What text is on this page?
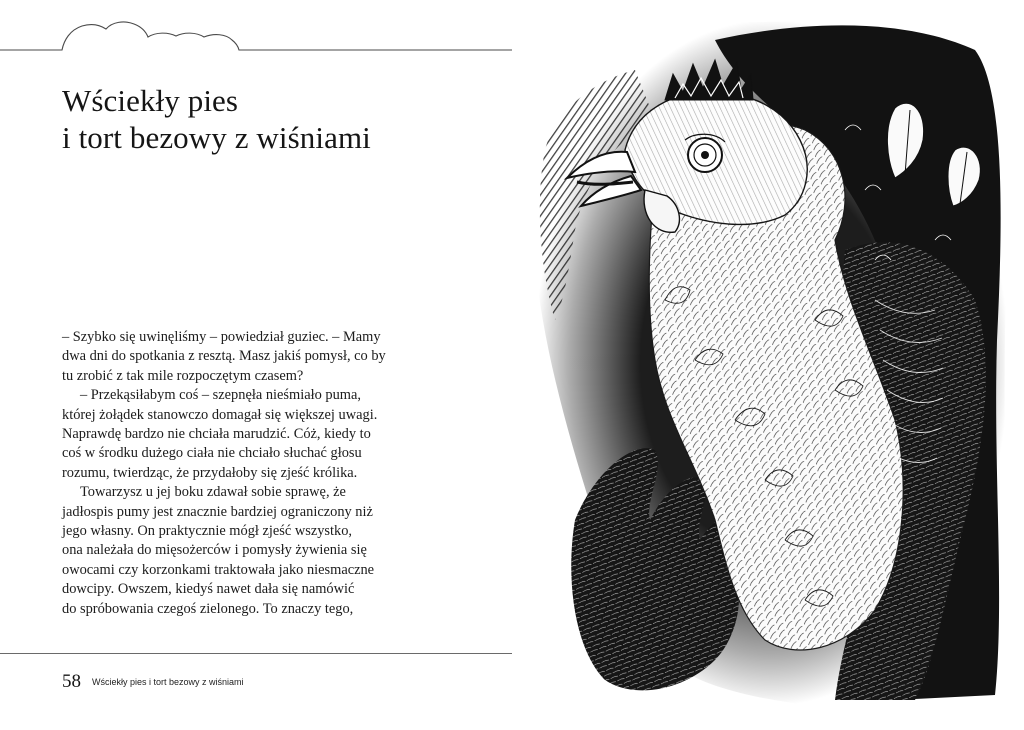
Wściekły pies
i tort bezowy z wiśniami
– Szybko się uwinęliśmy – powiedział guziec. – Mamy
dwa dni do spotkania z resztą. Masz jakiś pomysł, co by
tu zrobić z tak mile rozpoczętym czasem?
– Przekąsiłabym coś – szepnęła nieśmiało puma,
której żołądek stanowczo domagał się większej uwagi.
Naprawdę bardzo nie chciała marudzić. Cóż, kiedy to
coś w środku dużego ciała nie chciało słuchać głosu
rozumu, twierdząc, że przydałoby się zjeść królika.
Towarzysz u jej boku zdawał sobie sprawę, że
jadłospis pumy jest znacznie bardziej ograniczony niż
jego własny. On praktycznie mógł zjeść wszystko,
ona należała do mięsożerców i pomysły żywienia się
owocami czy korzonkami traktowała jako niesmaczne
dowcipy. Owszem, kiedyś nawet dała się namówić
do spróbowania czegoś zielonego. To znaczy tego,
58 Wściekły pies i tort bezowy z wiśniami
